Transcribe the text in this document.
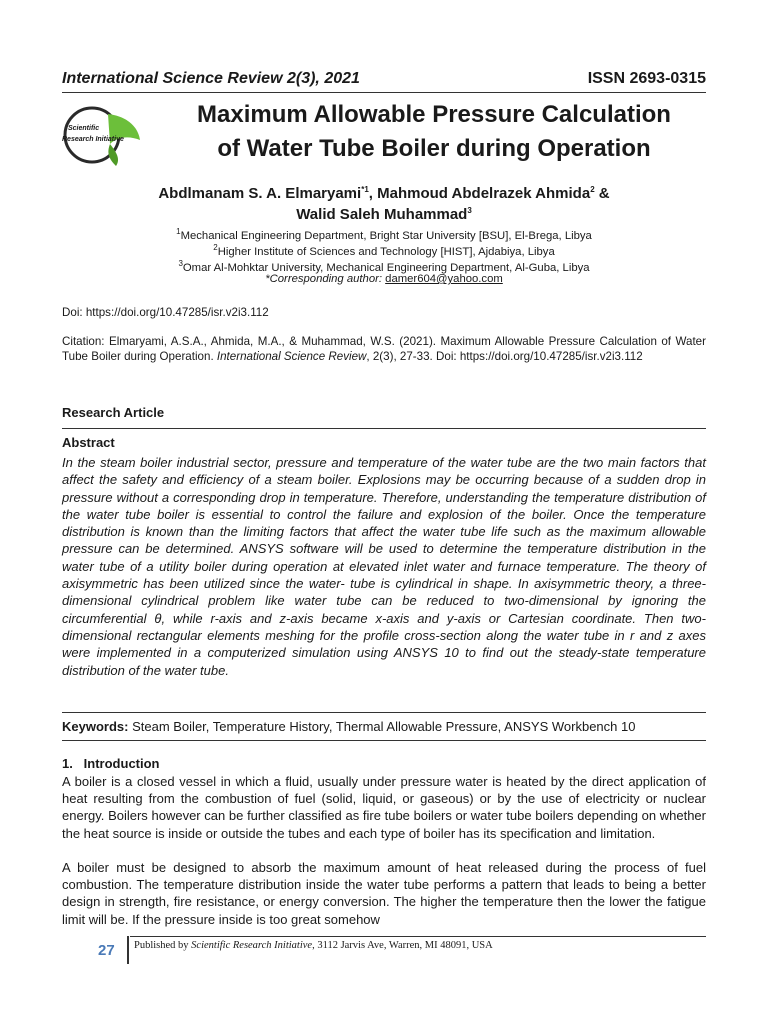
International Science Review 2(3), 2021	ISSN 2693-0315
Scientific
Research Initiative
Maximum Allowable Pressure Calculation
of Water Tube Boiler during Operation
Abdlmanam S. A. Elmaryami$^{*1}$, Mahmoud Abdelrazek Ahmida$^2$ &
Walid Saleh Muhammad$^3$
$^1$Mechanical Engineering Department, Bright Star University [BSU], El-Brega, Libya
$^2$Higher Institute of Sciences and Technology [HIST], Ajdabiya, Libya
$^3$Omar Al-Mohktar University, Mechanical Engineering Department, Al-Guba, Libya
*Corresponding author: damer604@yahoo.com
Doi: https://doi.org/10.47285/isr.v2i3.112
Citation: Elmaryami, A.S.A., Ahmida, M.A., & Muhammad, W.S. (2021). Maximum Allowable Pressure Calculation of Water Tube Boiler during Operation. International Science Review, 2(3), 27-33. Doi: https://doi.org/10.47285/isr.v2i3.112
Research Article
Abstract
In the steam boiler industrial sector, pressure and temperature of the water tube are the two main factors that affect the safety and efficiency of a steam boiler. Explosions may be occurring because of a sudden drop in pressure without a corresponding drop in temperature. Therefore, understanding the temperature distribution of the water tube boiler is essential to control the failure and explosion of the boiler. Once the temperature distribution is known than the limiting factors that affect the water tube life such as the maximum allowable pressure can be determined. ANSYS software will be used to determine the temperature distribution in the water tube of a utility boiler during operation at elevated inlet water and furnace temperature. The theory of axisymmetric has been utilized since the water- tube is cylindrical in shape. In axisymmetric theory, a three-dimensional cylindrical problem like water tube can be reduced to two-dimensional by ignoring the circumferential θ, while r-axis and z-axis became x-axis and y-axis or Cartesian coordinate. Then two-dimensional rectangular elements meshing for the profile cross-section along the water tube in r and z axes were implemented in a computerized simulation using ANSYS 10 to find out the steady-state temperature distribution of the water tube.
Keywords: Steam Boiler, Temperature History, Thermal Allowable Pressure, ANSYS Workbench 10
1.   Introduction
A boiler is a closed vessel in which a fluid, usually under pressure water is heated by the direct application of heat resulting from the combustion of fuel (solid, liquid, or gaseous) or by the use of electricity or nuclear energy. Boilers however can be further classified as fire tube boilers or water tube boilers depending on whether the heat source is inside or outside the tubes and each type of boiler has its specification and limitation.
A boiler must be designed to absorb the maximum amount of heat released during the process of fuel combustion. The temperature distribution inside the water tube performs a pattern that leads to being a better design in strength, fire resistance, or energy conversion. The higher the temperature then the lower the fatigue limit will be. If the pressure inside is too great somehow
27 Published by Scientific Research Initiative, 3112 Jarvis Ave, Warren, MI 48091, USA
